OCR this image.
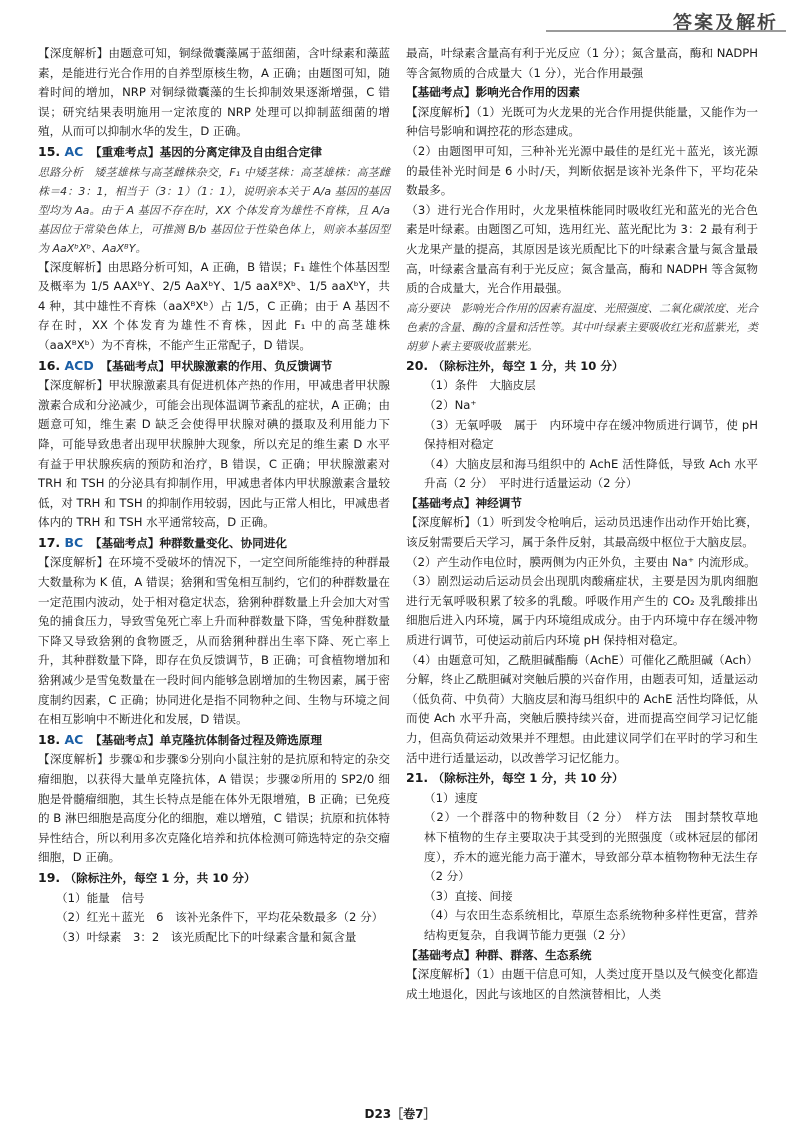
答案及解析

【深度解析】由题意可知，铜绿微囊藻属于蓝细菌，含叶绿素和藻蓝素，是能进行光合作用的自养型原核生物，A 正确；由题图可知，随着时间的增加，NRP 对铜绿微囊藻的生长抑制效果逐渐增强，C 错误；研究结果表明施用一定浓度的 NRP 处理可以抑制蓝细菌的增殖，从而可以抑制水华的发生，D 正确。

15. AC　【重难考点】基因的分离定律及自由组合定律

思路分析　矮茎雄株与高茎雌株杂交，F₁ 中矮茎株：高茎雄株：高茎雌株＝4：3：1，相当于（3：1）（1：1），说明亲本关于 A/a 基因的基因型均为 Aa。由于 A 基因不存在时，XX 个体发育为雄性不育株，且 A/a 基因位于常染色体上，可推测 B/b 基因位于性染色体上，则亲本基因型为 AaXᵇXᵇ、AaXᴮY。

【深度解析】由思路分析可知，A 正确，B 错误；F₁ 雄性个体基因型及概率为 1/5 AAXᵇY、2/5 AaXᵇY、1/5 aaXᴮXᵇ、1/5 aaXᵇY，共 4 种，其中雄性不育株（aaXᴮXᵇ）占 1/5，C 正确；由于 A 基因不存在时，XX 个体发育为雄性不育株，因此 F₁ 中的高茎雄株（aaXᴮXᵇ）为不育株，不能产生正常配子，D 错误。

16. ACD　【基础考点】甲状腺激素的作用、负反馈调节

【深度解析】甲状腺激素具有促进机体产热的作用，甲减患者甲状腺激素合成和分泌减少，可能会出现体温调节紊乱的症状，A 正确；由题意可知，维生素 D 缺乏会使得甲状腺对碘的摄取及利用能力下降，可能导致患者出现甲状腺肿大现象，所以充足的维生素 D 水平有益于甲状腺疾病的预防和治疗，B 错误，C 正确；甲状腺激素对 TRH 和 TSH 的分泌具有抑制作用，甲减患者体内甲状腺激素含量较低，对 TRH 和 TSH 的抑制作用较弱，因此与正常人相比，甲减患者体内的 TRH 和 TSH 水平通常较高，D 正确。

17. BC　【基础考点】种群数量变化、协同进化

【深度解析】在环境不受破坏的情况下，一定空间所能维持的种群最大数量称为 K 值，A 错误；猞猁和雪兔相互制约，它们的种群数量在一定范围内波动，处于相对稳定状态，猞猁种群数量上升会加大对雪兔的捕食压力，导致雪兔死亡率上升而种群数量下降，雪兔种群数量下降又导致猞猁的食物匮乏，从而猞猁种群出生率下降、死亡率上升，其种群数量下降，即存在负反馈调节，B 正确；可食植物增加和猞猁减少是雪兔数量在一段时间内能够急剧增加的生物因素，属于密度制约因素，C 正确；协同进化是指不同物种之间、生物与环境之间在相互影响中不断进化和发展，D 错误。

18. AC　【基础考点】单克隆抗体制备过程及筛选原理

【深度解析】步骤①和步骤⑤分别向小鼠注射的是抗原和特定的杂交瘤细胞，以获得大量单克隆抗体，A 错误；步骤②所用的 SP2/0 细胞是骨髓瘤细胞，其生长特点是能在体外无限增殖，B 正确；已免疫的 B 淋巴细胞是高度分化的细胞，难以增殖，C 错误；抗原和抗体特异性结合，所以利用多次克隆化培养和抗体检测可筛选特定的杂交瘤细胞，D 正确。

19. （除标注外，每空 1 分，共 10 分）

（1）能量　信号

（2）红光＋蓝光　6　该补光条件下，平均花朵数最多（2 分）

（3）叶绿素　3：2　该光质配比下的叶绿素含量和氮含量

最高，叶绿素含量高有利于光反应（1 分）；氮含量高，酶和 NADPH 等含氮物质的合成量大（1 分），光合作用最强

【基础考点】影响光合作用的因素

【深度解析】（1）光既可为火龙果的光合作用提供能量，又能作为一种信号影响和调控花的形态建成。

（2）由题图甲可知，三种补光光源中最佳的是红光＋蓝光，该光源的最佳补光时间是 6 小时/天，判断依据是该补光条件下，平均花朵数最多。

（3）进行光合作用时，火龙果植株能同时吸收红光和蓝光的光合色素是叶绿素。由题图乙可知，选用红光、蓝光配比为 3：2 最有利于火龙果产量的提高，其原因是该光质配比下的叶绿素含量与氮含量最高，叶绿素含量高有利于光反应；氮含量高，酶和 NADPH 等含氮物质的合成量大，光合作用最强。

高分要诀　影响光合作用的因素有温度、光照强度、二氧化碳浓度、光合色素的含量、酶的含量和活性等。其中叶绿素主要吸收红光和蓝紫光，类胡萝卜素主要吸收蓝紫光。

20. （除标注外，每空 1 分，共 10 分）

（1）条件　大脑皮层

（2）Na⁺

（3）无氧呼吸　属于　内环境中存在缓冲物质进行调节，使 pH 保持相对稳定

（4）大脑皮层和海马组织中的 AchE 活性降低，导致 Ach 水平升高（2 分）　平时进行适量运动（2 分）

【基础考点】神经调节

【深度解析】（1）听到发令枪响后，运动员迅速作出动作开始比赛，该反射需要后天学习，属于条件反射，其最高级中枢位于大脑皮层。

（2）产生动作电位时，膜两侧为内正外负，主要由 Na⁺ 内流形成。

（3）剧烈运动后运动员会出现肌肉酸痛症状，主要是因为肌肉细胞进行无氧呼吸积累了较多的乳酸。呼吸作用产生的 CO₂ 及乳酸排出细胞后进入内环境，属于内环境组成成分。由于内环境中存在缓冲物质进行调节，可使运动前后内环境 pH 保持相对稳定。

（4）由题意可知，乙酰胆碱酯酶（AchE）可催化乙酰胆碱（Ach）分解，终止乙酰胆碱对突触后膜的兴奋作用，由题表可知，适量运动（低负荷、中负荷）大脑皮层和海马组织中的 AchE 活性均降低，从而使 Ach 水平升高，突触后膜持续兴奋，进而提高空间学习记忆能力，但高负荷运动效果并不理想。由此建议同学们在平时的学习和生活中进行适量运动，以改善学习记忆能力。

21. （除标注外，每空 1 分，共 10 分）

（1）速度

（2）一个群落中的物种数目（2 分）　样方法　围封禁牧草地　林下植物的生存主要取决于其受到的光照强度（或林冠层的郁闭度），乔木的遮光能力高于灌木，导致部分草本植物物种无法生存（2 分）

（3）直接、间接

（4）与农田生态系统相比，草原生态系统物种多样性更富，营养结构更复杂，自我调节能力更强（2 分）

【基础考点】种群、群落、生态系统

【深度解析】（1）由题干信息可知，人类过度开垦以及气候变化都造成土地退化，因此与该地区的自然演替相比，人类

D23［卷7］
